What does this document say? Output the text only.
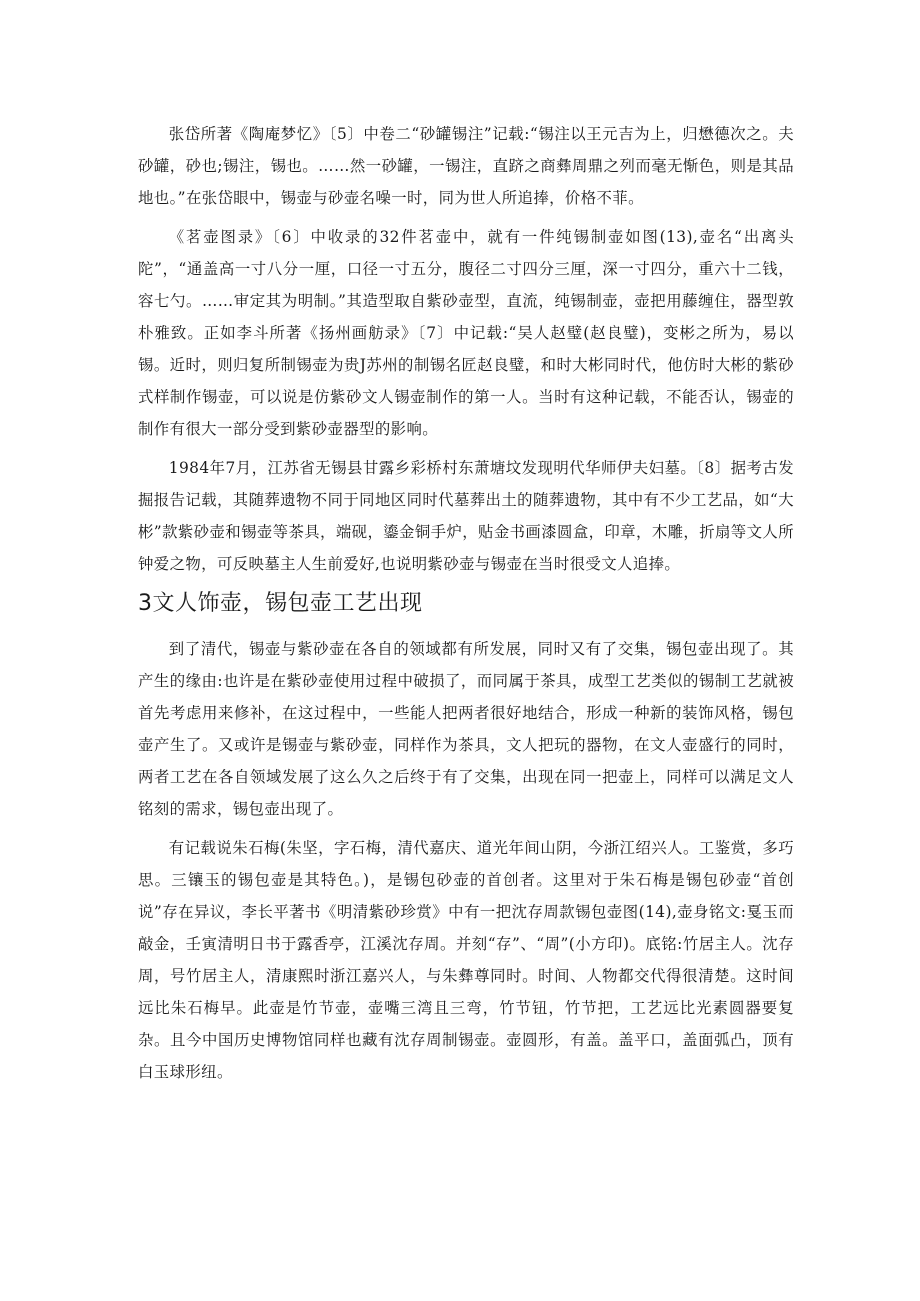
张岱所著《陶庵梦忆》〔5〕中卷二“砂罐锡注”记载:“锡注以王元吉为上，归懋德次之。夫砂罐，砂也;锡注，锡也。……然一砂罐，一锡注，直跻之商彝周鼎之列而毫无惭色，则是其品地也。”在张岱眼中，锡壶与砂壶名噪一时，同为世人所追捧，价格不菲。

《茗壶图录》〔6〕中收录的32件茗壶中，就有一件纯锡制壶如图(13),壶名“出离头陀”，“通盖高一寸八分一厘，口径一寸五分，腹径二寸四分三厘，深一寸四分，重六十二钱，容七勺。……审定其为明制。”其造型取自紫砂壶型，直流，纯锡制壶，壶把用藤缠住，器型敦朴雅致。正如李斗所著《扬州画舫录》〔7〕中记载:“吴人赵璧(赵良璧)，变彬之所为，易以锡。近时，则归复所制锡壶为贵J苏州的制锡名匠赵良璧，和时大彬同时代，他仿时大彬的紫砂式样制作锡壶，可以说是仿紫砂文人锡壶制作的第一人。当时有这种记载，不能否认，锡壶的制作有很大一部分受到紫砂壶器型的影响。

1984年7月，江苏省无锡县甘露乡彩桥村东萧塘坟发现明代华师伊夫妇墓。〔8〕据考古发掘报告记载，其随葬遗物不同于同地区同时代墓葬出土的随葬遗物，其中有不少工艺品，如“大彬”款紫砂壶和锡壶等茶具，端砚，鎏金铜手炉，贴金书画漆圆盒，印章，木雕，折扇等文人所钟爱之物，可反映墓主人生前爱好,也说明紫砂壶与锡壶在当时很受文人追捧。

3文人饰壶，锡包壶工艺出现

到了清代，锡壶与紫砂壶在各自的领域都有所发展，同时又有了交集，锡包壶出现了。其产生的缘由:也许是在紫砂壶使用过程中破损了，而同属于茶具，成型工艺类似的锡制工艺就被首先考虑用来修补，在这过程中，一些能人把两者很好地结合，形成一种新的装饰风格，锡包壶产生了。又或许是锡壶与紫砂壶，同样作为茶具，文人把玩的器物，在文人壶盛行的同时，两者工艺在各自领域发展了这么久之后终于有了交集，出现在同一把壶上，同样可以满足文人铭刻的需求，锡包壶出现了。

有记载说朱石梅(朱坚，字石梅，清代嘉庆、道光年间山阴，今浙江绍兴人。工鉴赏，多巧思。三镶玉的锡包壶是其特色。)，是锡包砂壶的首创者。这里对于朱石梅是锡包砂壶“首创说”存在异议，李长平著书《明清紫砂珍赏》中有一把沈存周款锡包壶图(14),壶身铭文:戛玉而敲金，壬寅清明日书于露香亭，江溪沈存周。并刻“存”、“周”(小方印)。底铭:竹居主人。沈存周，号竹居主人，清康熙时浙江嘉兴人，与朱彝尊同时。时间、人物都交代得很清楚。这时间远比朱石梅早。此壶是竹节壶，壶嘴三湾且三弯，竹节钮，竹节把，工艺远比光素圆器要复杂。且今中国历史博物馆同样也藏有沈存周制锡壶。壶圆形，有盖。盖平口，盖面弧凸，顶有白玉球形纽。
